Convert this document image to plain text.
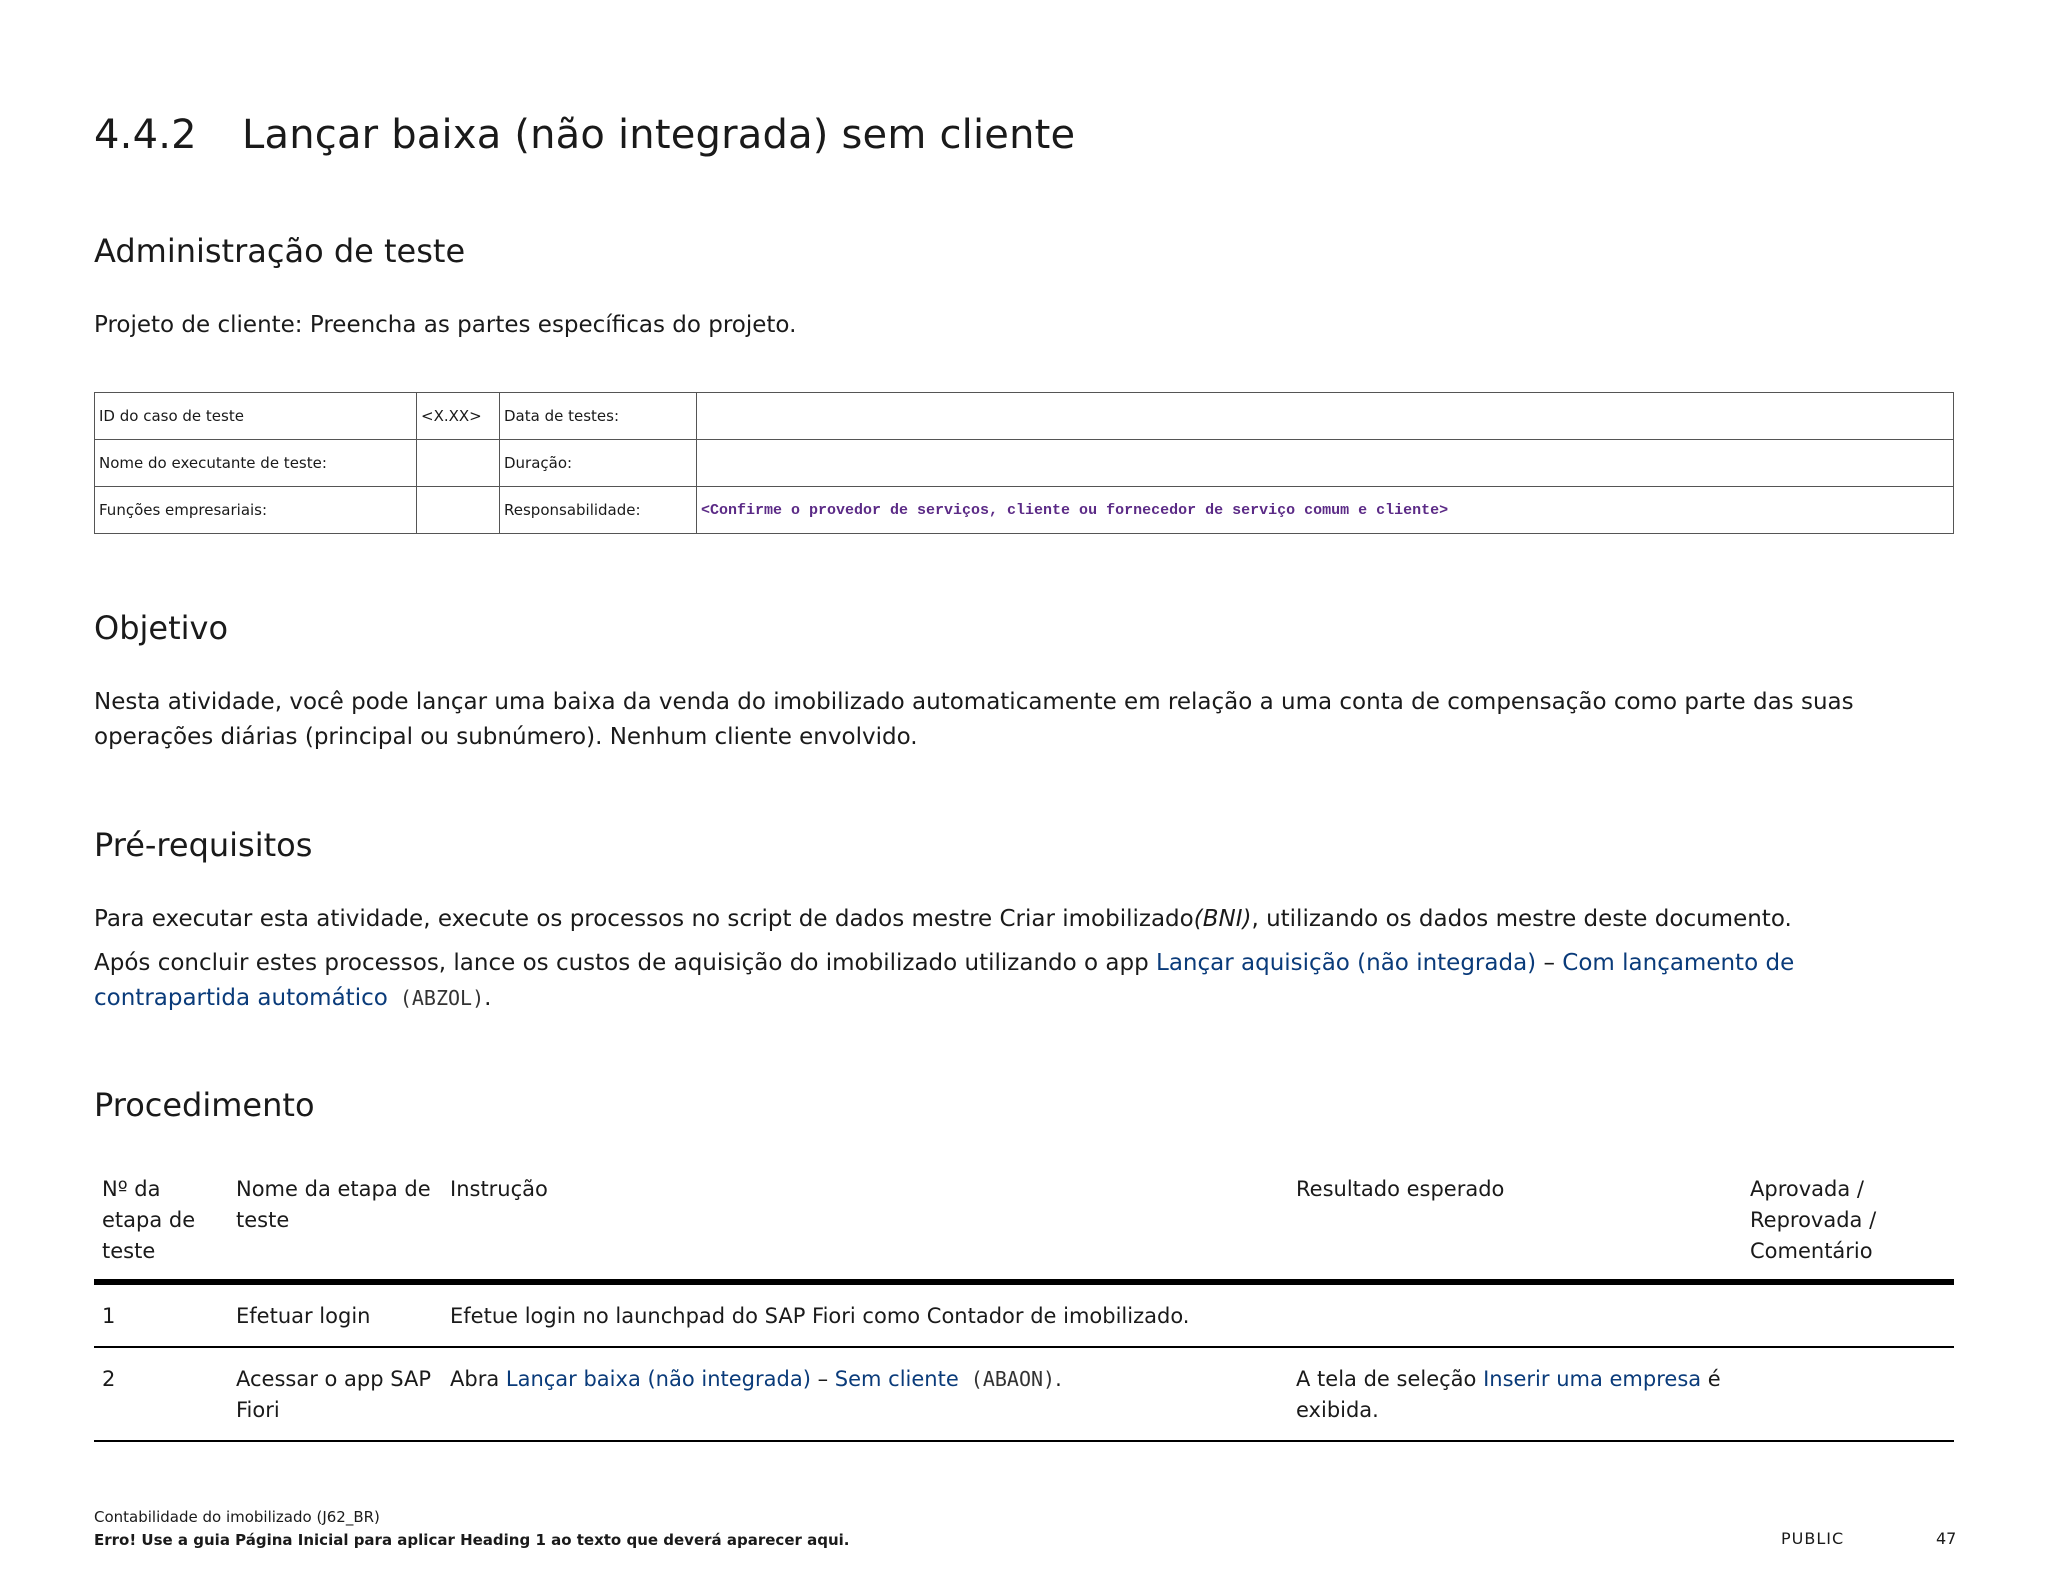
4.4.2 Lançar baixa (não integrada) sem cliente
Administração de teste

Projeto de cliente: Preencha as partes específicas do projeto.

ID do caso de teste	<X.XX>	Data de testes:	
Nome do executante de teste:		Duração:	
Funções empresariais:		Responsabilidade:	<Confirme o provedor de serviços, cliente ou fornecedor de serviço comum e cliente>
Objetivo

Nesta atividade, você pode lançar uma baixa da venda do imobilizado automaticamente em relação a uma conta de compensação como parte das suas operações diárias (principal ou subnúmero). Nenhum cliente envolvido.

Pré-requisitos

Para executar esta atividade, execute os processos no script de dados mestre Criar imobilizado(BNI), utilizando os dados mestre deste documento.

Após concluir estes processos, lance os custos de aquisição do imobilizado utilizando o app Lançar aquisição (não integrada) – Com lançamento de contrapartida automático (ABZOL).

Procedimento
Nº da etapa de teste	Nome da etapa de teste	Instrução	Resultado esperado	Aprovada / Reprovada / Comentário
1	Efetuar login	Efetue login no launchpad do SAP Fiori como Contador de imobilizado.		
2	Acessar o app SAP Fiori	Abra Lançar baixa (não integrada) – Sem cliente (ABAON).	A tela de seleção Inserir uma empresa é exibida.	
Contabilidade do imobilizado (J62_BR)
Erro! Use a guia Página Inicial para aplicar Heading 1 ao texto que deverá aparecer aqui.	PUBLIC	47
